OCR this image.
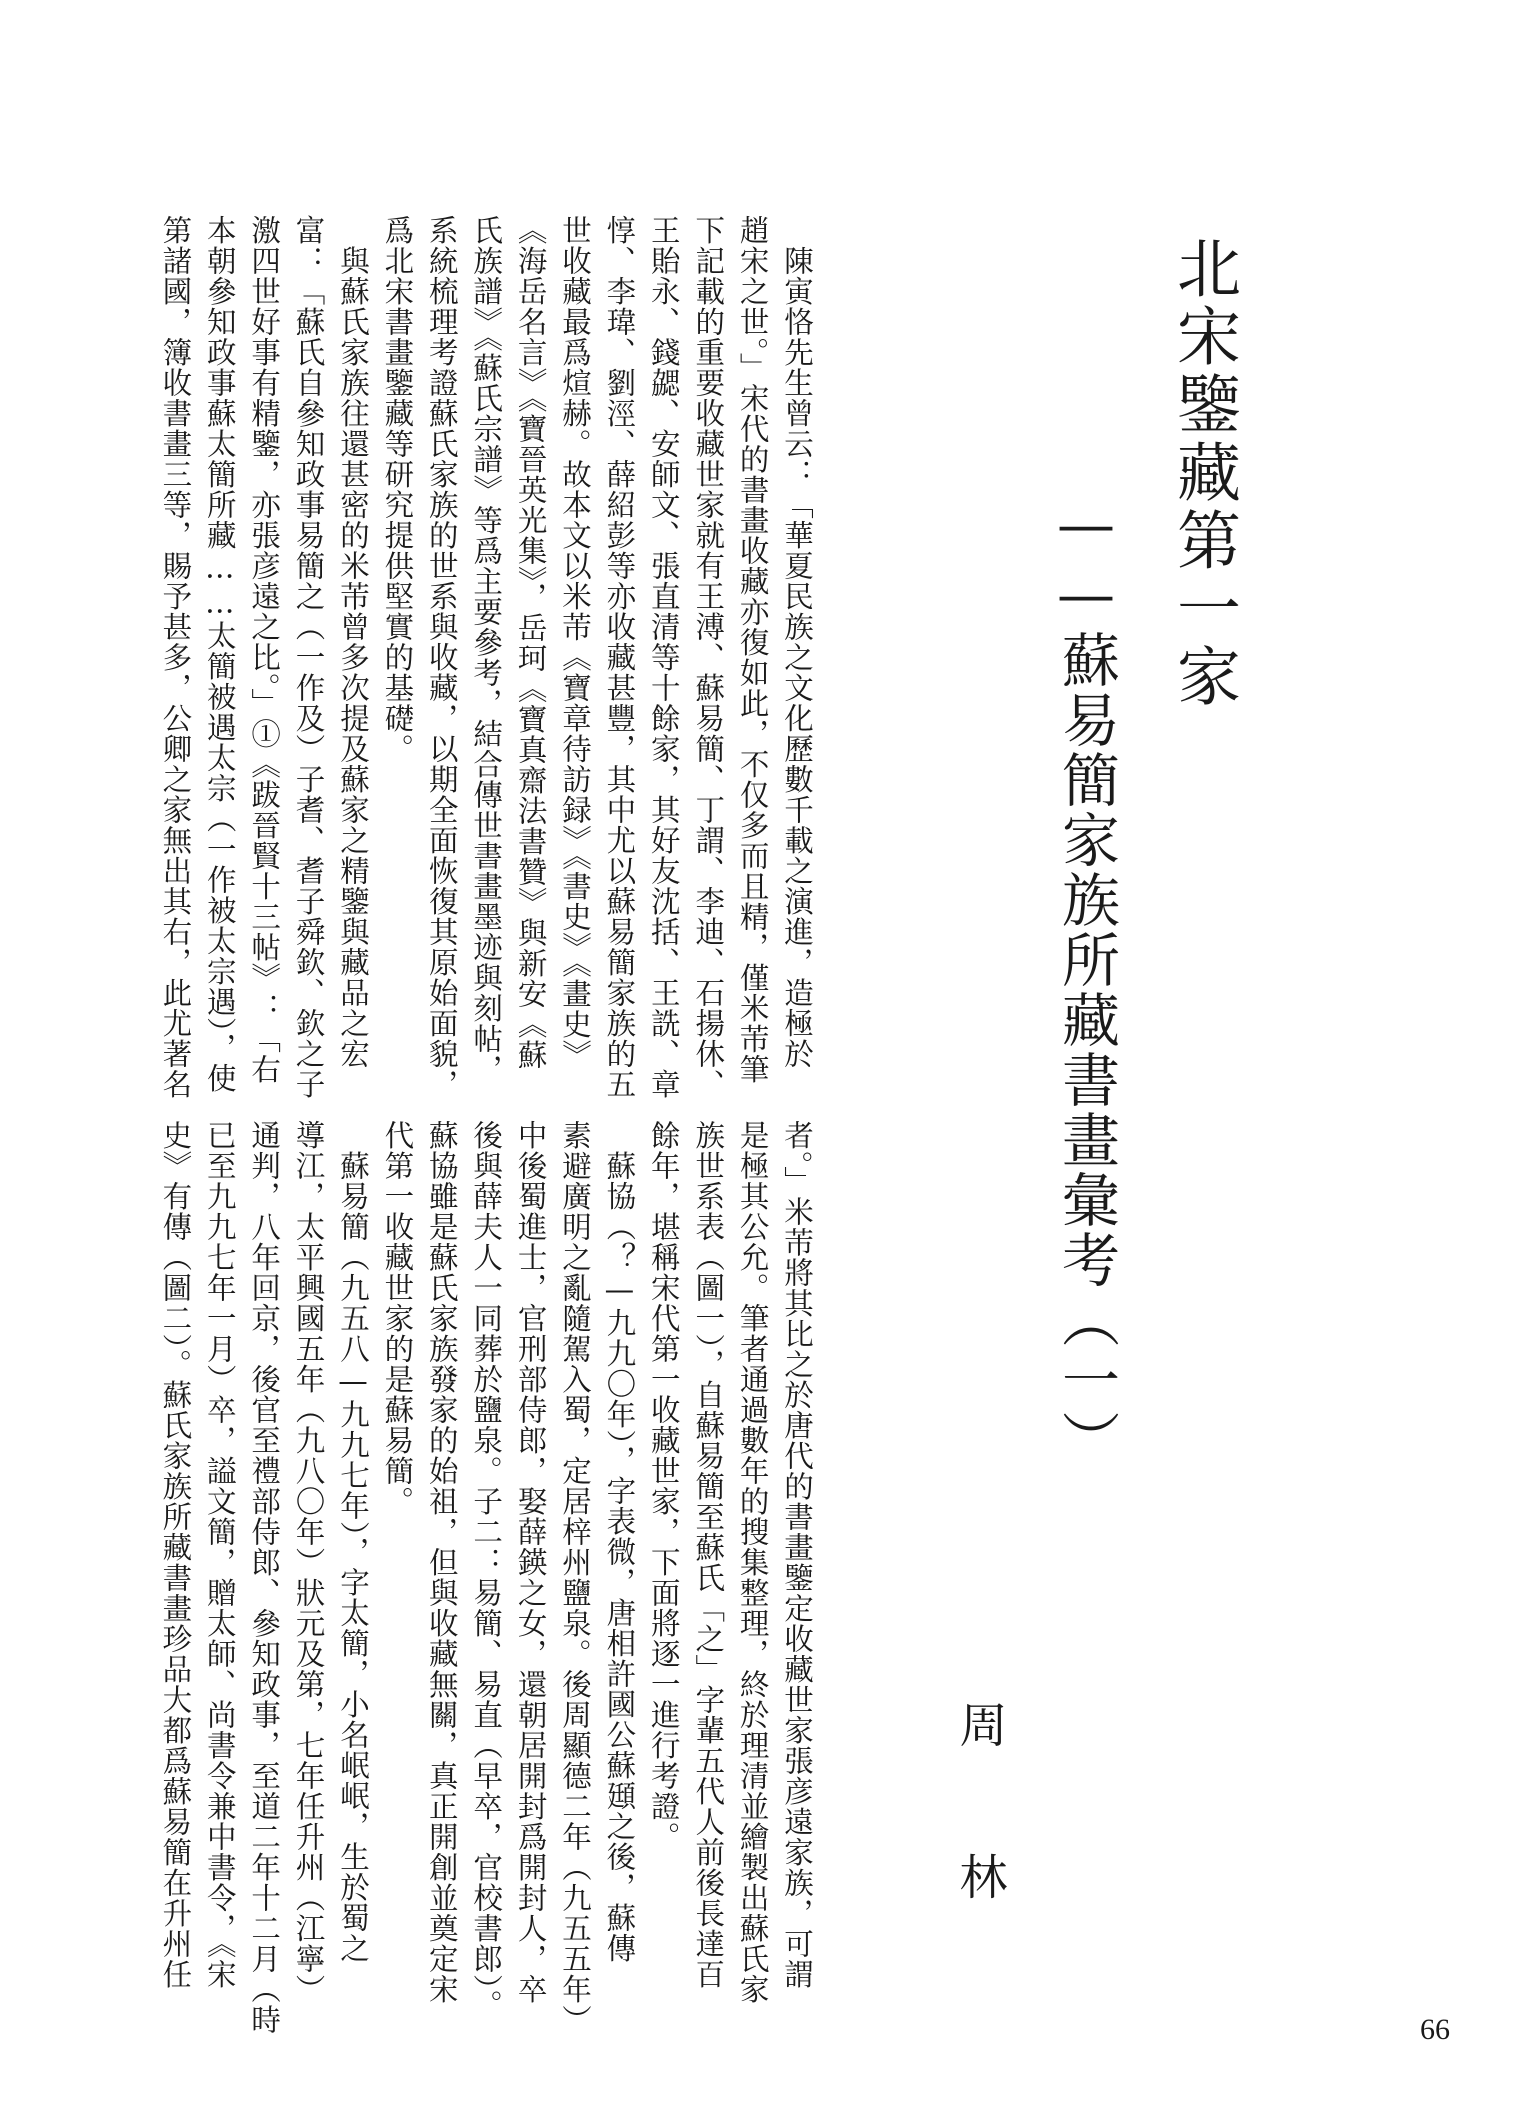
北宋鑒藏第一家
——蘇易簡家族所藏書畫彙考（一）
周　林
　陳寅恪先生曾云：「華夏民族之文化歷數千載之演進，造極於
趙宋之世。」宋代的書畫收藏亦復如此，不仅多而且精，僅米芾筆
下記載的重要收藏世家就有王溥、蘇易簡、丁謂、李迪、石揚休、
王貽永、錢勰、安師文、張直清等十餘家，其好友沈括、王詵、章
惇、李瑋、劉涇、薛紹彭等亦收藏甚豐，其中尤以蘇易簡家族的五
世收藏最爲煊赫。故本文以米芾《寶章待訪録》《書史》《畫史》
《海岳名言》《寶晉英光集》，岳珂《寶真齋法書贊》與新安《蘇
氏族譜》《蘇氏宗譜》等爲主要參考，結合傳世書畫墨迹與刻帖，
系統梳理考證蘇氏家族的世系與收藏，以期全面恢復其原始面貌，
爲北宋書畫鑒藏等研究提供堅實的基礎。
　與蘇氏家族往還甚密的米芾曾多次提及蘇家之精鑒與藏品之宏
富：「蘇氏自參知政事易簡之（一作及）子耆、耆子舜欽、欽之子
激四世好事有精鑒，亦張彦遠之比。」①《跋晉賢十三帖》：「右
本朝參知政事蘇太簡所藏……太簡被遇太宗（一作被太宗遇），使
第諸國，簿收書畫三等，賜予甚多，公卿之家無出其右，此尤著名
者。」米芾將其比之於唐代的書畫鑒定收藏世家張彦遠家族，可謂
是極其公允。筆者通過數年的搜集整理，終於理清並繪製出蘇氏家
族世系表（圖一），自蘇易簡至蘇氏「之」字輩五代人前後長達百
餘年，堪稱宋代第一收藏世家，下面將逐一進行考證。
　蘇協（？—九九〇年），字表微，唐相許國公蘇頲之後，蘇傳
素避廣明之亂隨駕入蜀，定居梓州鹽泉。後周顯德二年（九五五年）
中後蜀進士，官刑部侍郎，娶薛鍈之女，還朝居開封爲開封人，卒
後與薛夫人一同葬於鹽泉。子二：易簡、易直（早卒，官校書郎）。
蘇協雖是蘇氏家族發家的始祖，但與收藏無關，真正開創並奠定宋
代第一收藏世家的是蘇易簡。
　蘇易簡（九五八—九九七年），字太簡，小名岷岷，生於蜀之
導江，太平興國五年（九八〇年）狀元及第，七年任升州（江寧）
通判，八年回京，後官至禮部侍郎、參知政事，至道二年十二月（時
已至九九七年一月）卒，謚文簡，贈太師、尚書令兼中書令，《宋
史》有傳（圖二）。蘇氏家族所藏書畫珍品大都爲蘇易簡在升州任
66
